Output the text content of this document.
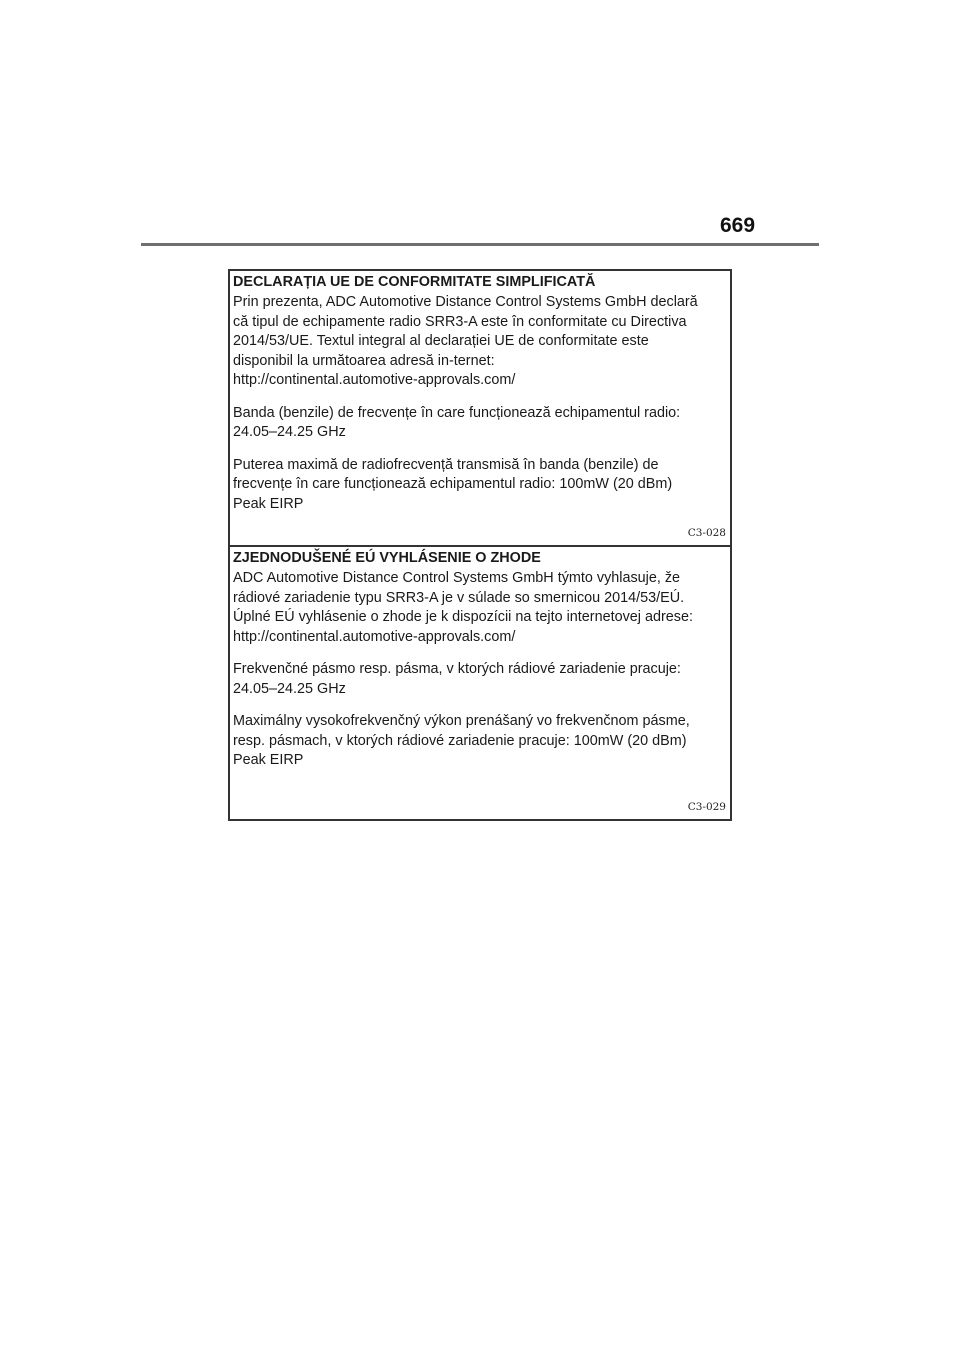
669
DECLARAȚIA UE DE CONFORMITATE SIMPLIFICATĂ

Prin prezenta, ADC Automotive Distance Control Systems GmbH declară
că tipul de echipamente radio SRR3-A este în conformitate cu Directiva
2014/53/UE. Textul integral al declarației UE de conformitate este
disponibil la următoarea adresă in-ternet:
http://continental.automotive-approvals.com/

Banda (benzile) de frecvențe în care funcționează echipamentul radio:
24.05–24.25 GHz

Puterea maximă de radiofrecvență transmisă în banda (benzile) de
frecvențe în care funcționează echipamentul radio: 100mW (20 dBm)
Peak EIRP

C3-028
ZJEDNODUŠENÉ EÚ VYHLÁSENIE O ZHODE

ADC Automotive Distance Control Systems GmbH týmto vyhlasuje, že
rádiové zariadenie typu SRR3-A je v súlade so smernicou 2014/53/EÚ.
Úplné EÚ vyhlásenie o zhode je k dispozícii na tejto internetovej adrese:
http://continental.automotive-approvals.com/

Frekvenčné pásmo resp. pásma, v ktorých rádiové zariadenie pracuje:
24.05–24.25 GHz

Maximálny vysokofrekvenčný výkon prenášaný vo frekvenčnom pásme,
resp. pásmach, v ktorých rádiové zariadenie pracuje: 100mW (20 dBm)
Peak EIRP

C3-029
